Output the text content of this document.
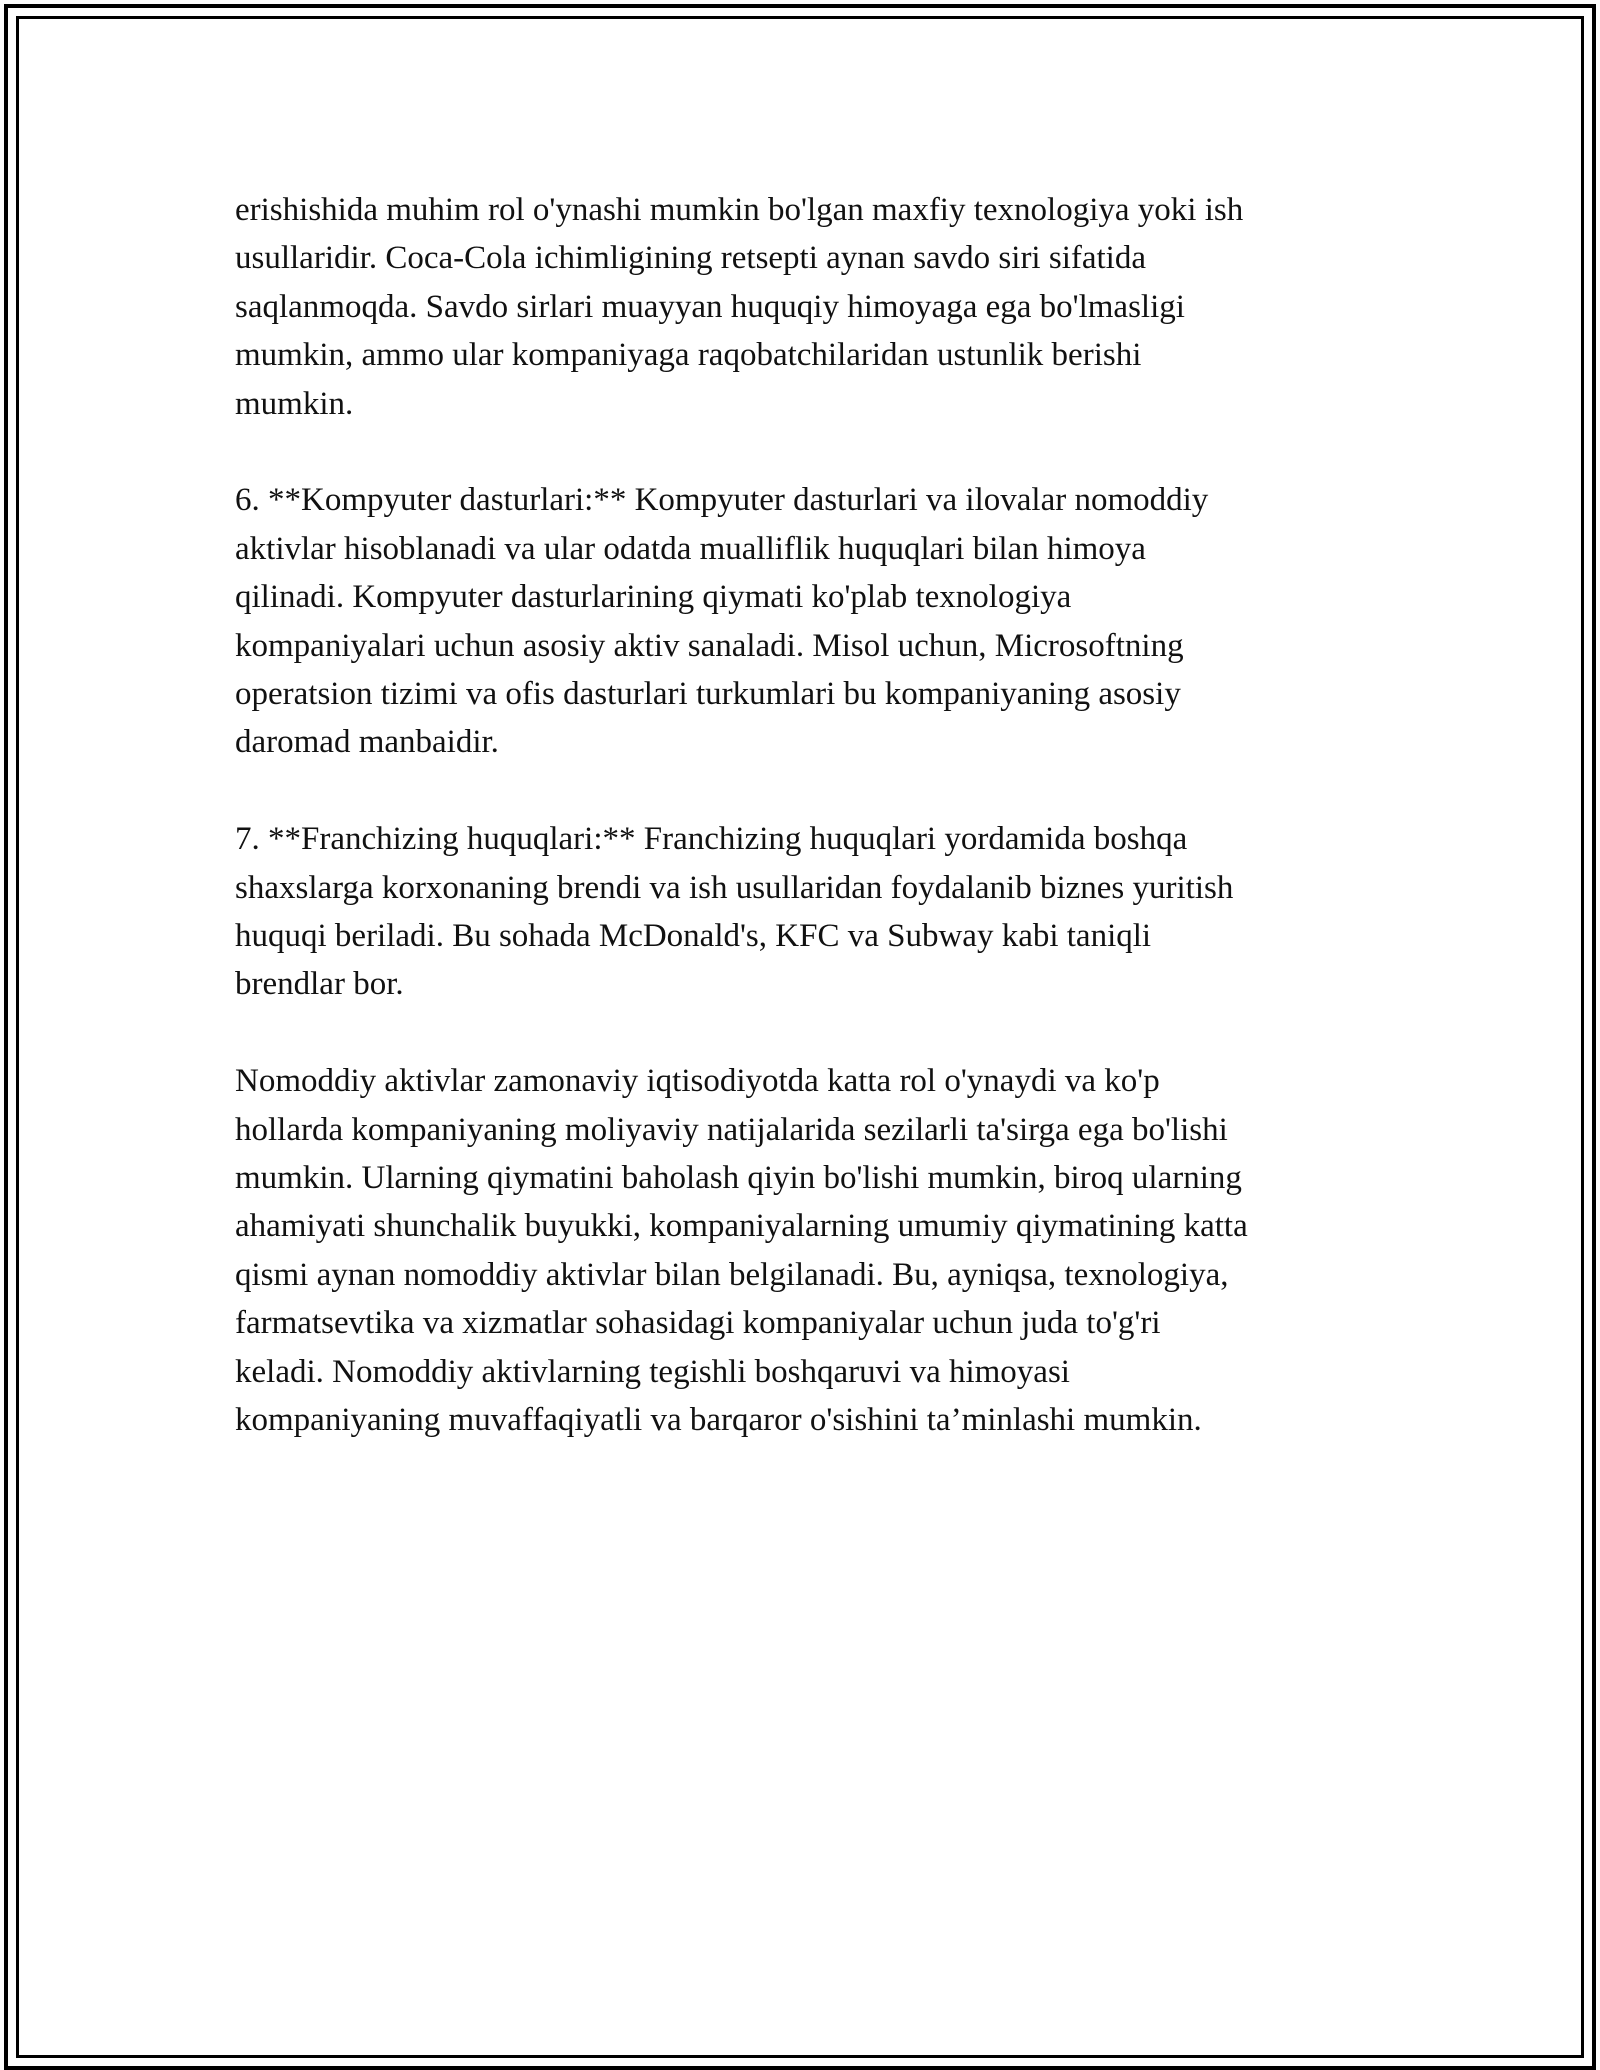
erishishida muhim rol o'ynashi mumkin bo'lgan maxfiy texnologiya yoki ish
usullaridir. Coca-Cola ichimligining retsepti aynan savdo siri sifatida
saqlanmoqda. Savdo sirlari muayyan huquqiy himoyaga ega bo'lmasligi
mumkin, ammo ular kompaniyaga raqobatchilaridan ustunlik berishi
mumkin.

6. **Kompyuter dasturlari:** Kompyuter dasturlari va ilovalar nomoddiy
aktivlar hisoblanadi va ular odatda mualliflik huquqlari bilan himoya
qilinadi. Kompyuter dasturlarining qiymati ko'plab texnologiya
kompaniyalari uchun asosiy aktiv sanaladi. Misol uchun, Microsoftning
operatsion tizimi va ofis dasturlari turkumlari bu kompaniyaning asosiy
daromad manbaidir.

7. **Franchizing huquqlari:** Franchizing huquqlari yordamida boshqa
shaxslarga korxonaning brendi va ish usullaridan foydalanib biznes yuritish
huquqi beriladi. Bu sohada McDonald's, KFC va Subway kabi taniqli
brendlar bor.

Nomoddiy aktivlar zamonaviy iqtisodiyotda katta rol o'ynaydi va ko'p
hollarda kompaniyaning moliyaviy natijalarida sezilarli ta'sirga ega bo'lishi
mumkin. Ularning qiymatini baholash qiyin bo'lishi mumkin, biroq ularning
ahamiyati shunchalik buyukki, kompaniyalarning umumiy qiymatining katta
qismi aynan nomoddiy aktivlar bilan belgilanadi. Bu, ayniqsa, texnologiya,
farmatsevtika va xizmatlar sohasidagi kompaniyalar uchun juda to'g'ri
keladi. Nomoddiy aktivlarning tegishli boshqaruvi va himoyasi
kompaniyaning muvaffaqiyatli va barqaror o'sishini ta’minlashi mumkin.
